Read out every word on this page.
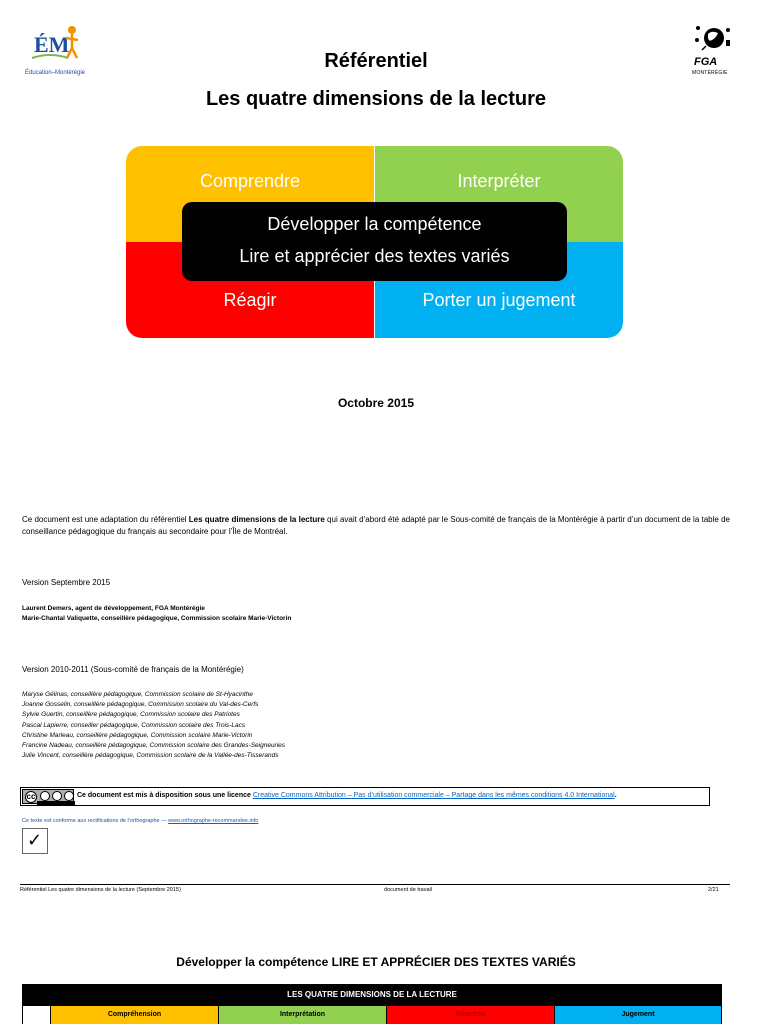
ÉM
Éducation–Montérégie
FGA
MONTÉRÉGIE
Référentiel
Les quatre dimensions de la lecture
Comprendre	Interpréter
Réagir	Porter un jugement
Développer la compétence
Lire et apprécier des textes variés
Octobre 2015
Ce document est une adaptation du référentiel Les quatre dimensions de la lecture qui avait d’abord été adapté par le Sous-comité de français de la Montérégie à partir d’un document de la table de conseillance pédagogique du français au secondaire pour l’Île de Montréal.
Version Septembre 2015
Laurent Demers, agent de développement, FGA Montérégie
Marie-Chantal Valiquette, conseillère pédagogique, Commission scolaire Marie-Victorin
Version 2010-2011 (Sous-comité de français de la Montérégie)
Maryse Gélinas, conseillère pédagogique, Commission scolaire de St-Hyacinthe
Joanne Gosselin, conseillère pédagogique, Commission scolaire du Val-des-Cerfs
Sylvie Guertin, conseillère pédagogique, Commission scolaire des Patriotes
Pascal Lapierre, conseiller pédagogique, Commission scolaire des Trois-Lacs
Christine Marleau, conseillère pédagogique, Commission scolaire Marie-Victorin
Francine Nadeau, conseillère pédagogique, Commission scolaire des Grandes-Seigneuries
Julie Vincent, conseillère pédagogique, Commission scolaire de la Vallée-des-Tisserands
cc	Ce document est mis à disposition sous une licence Creative Commons Attribution – Pas d’utilisation commerciale – Partage dans les mêmes conditions 4.0 International.
Ce texte est conforme aux rectifications de l’orthographe — www.orthographe-recommandee.info
✓
Référentiel Les quatre dimensions de la lecture (Septembre 2015)	document de travail	2/21
Développer la compétence LIRE ET APPRÉCIER DES TEXTES VARIÉS
LES QUATRE DIMENSIONS DE LA LECTURE
Compréhension	Interprétation	Réaction	Jugement
